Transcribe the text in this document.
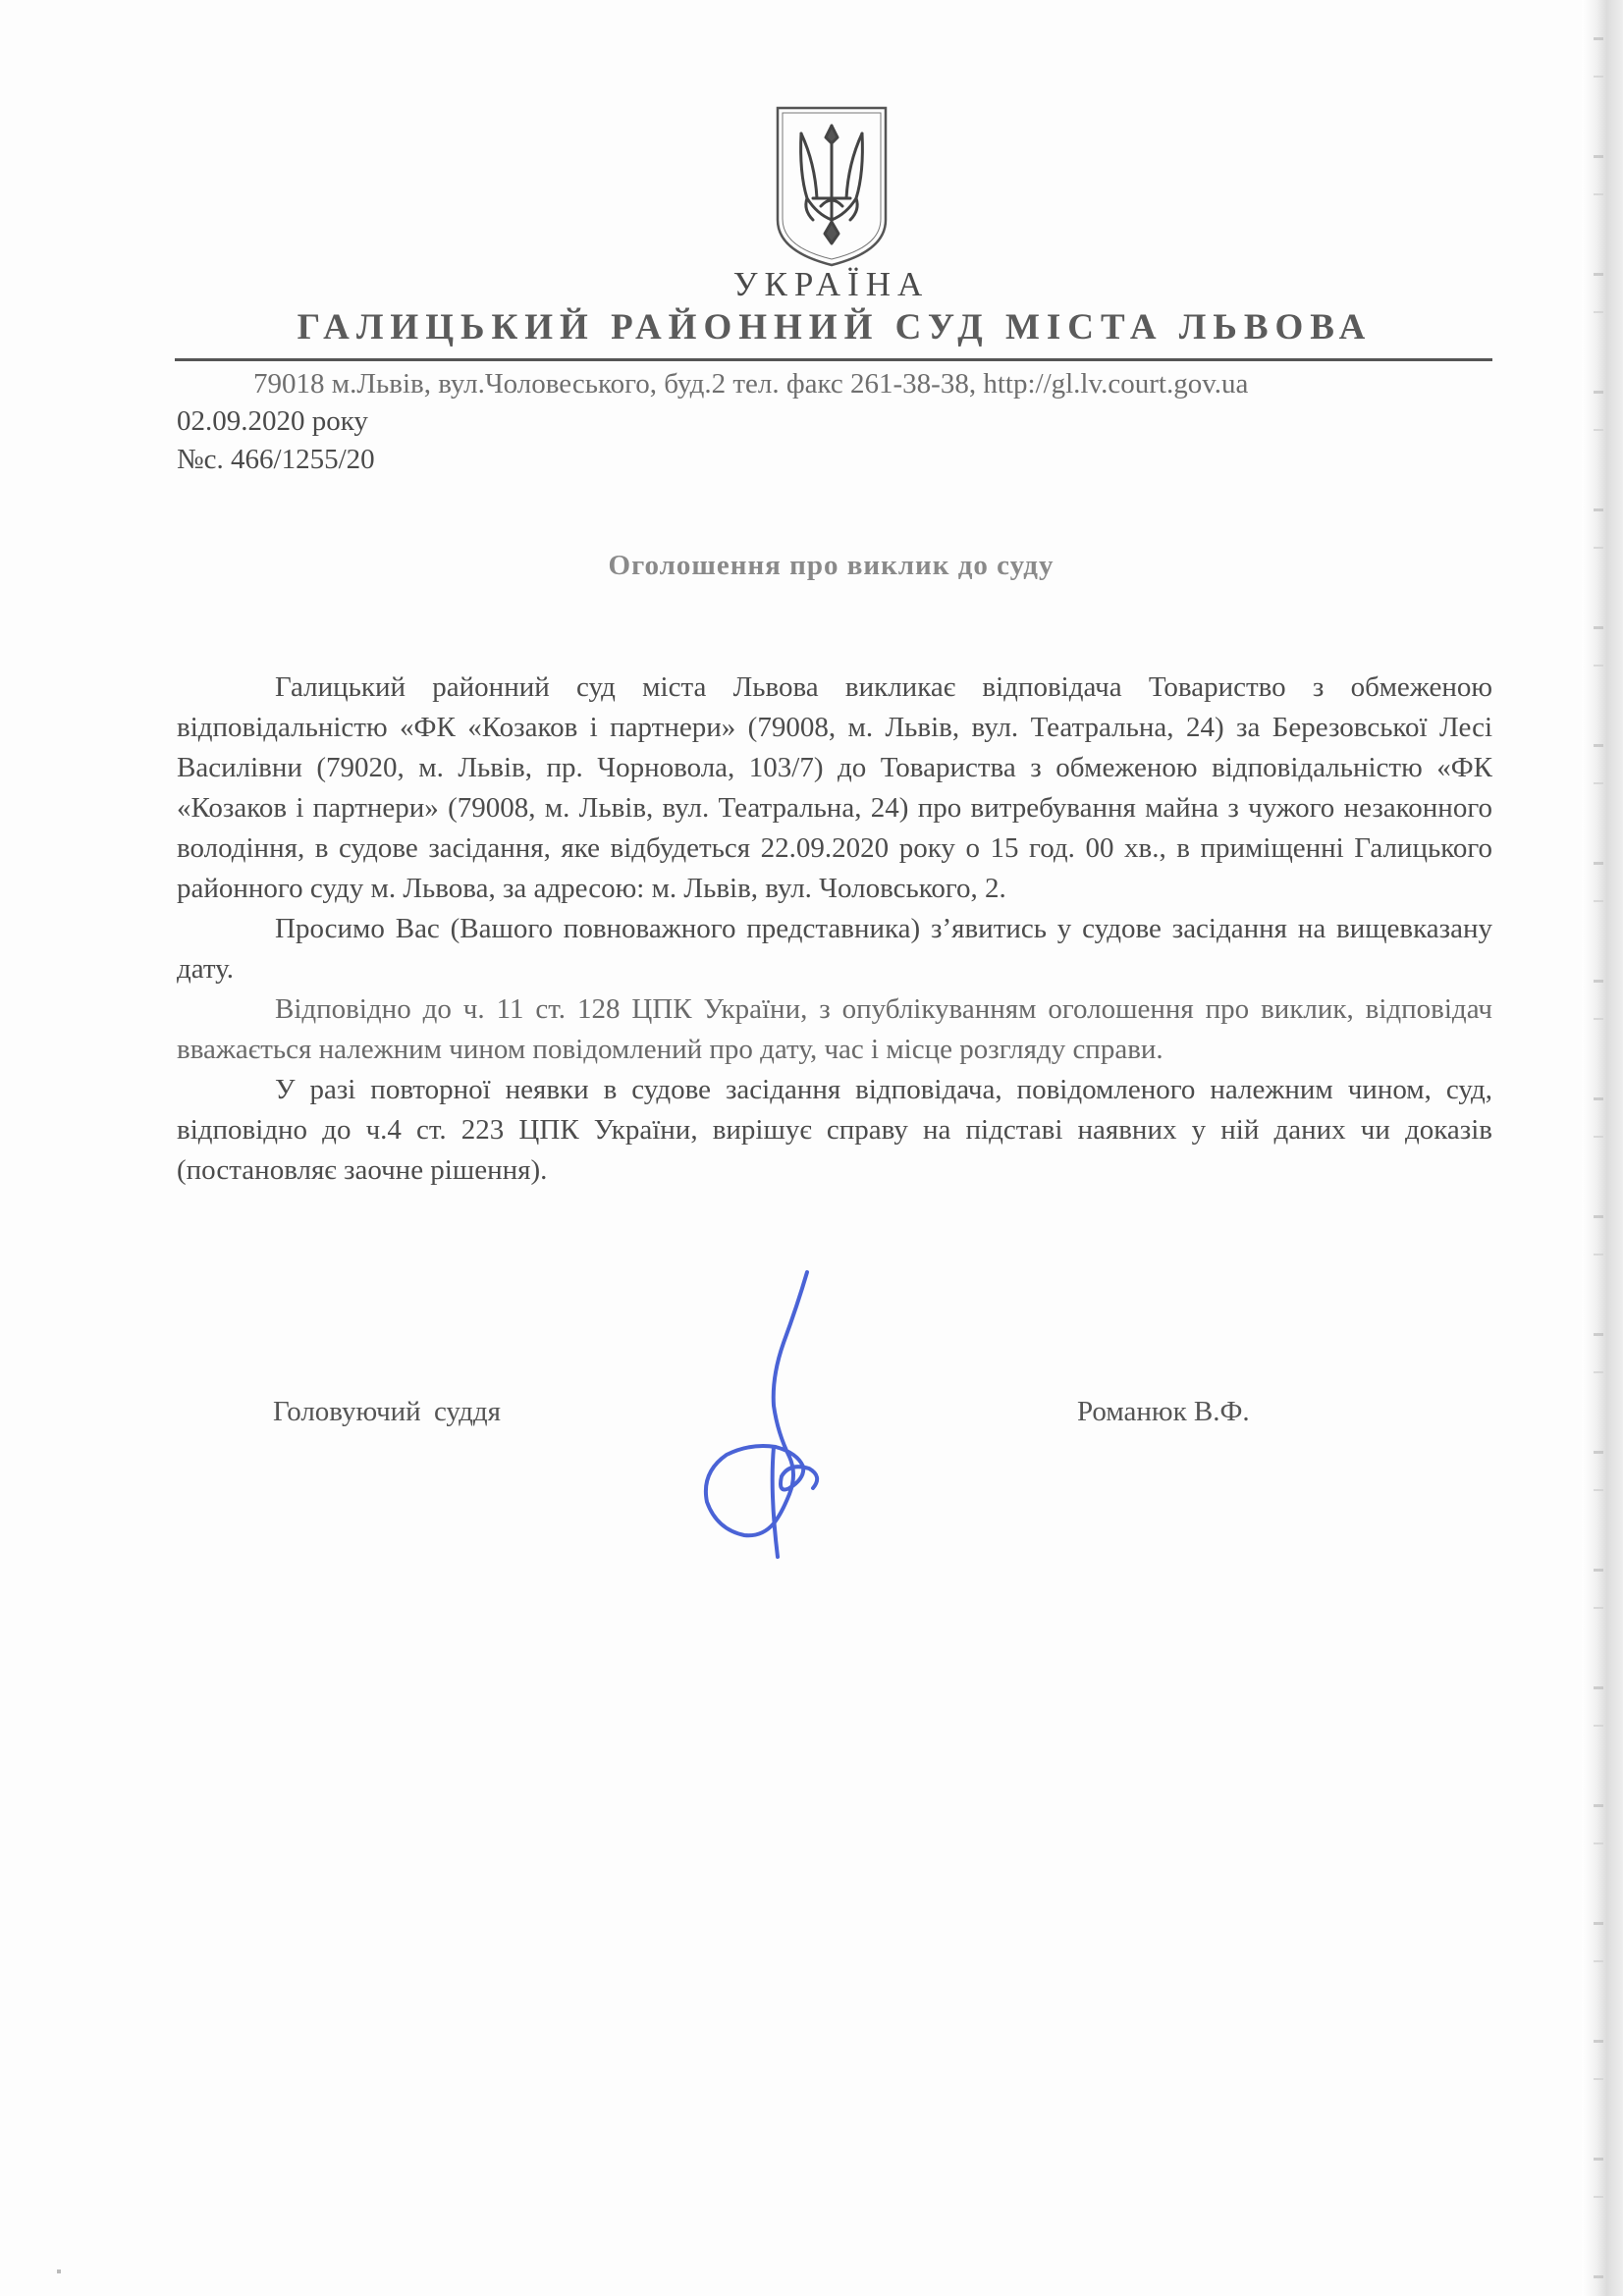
УКРАЇНА
ГАЛИЦЬКИЙ РАЙОННИЙ СУД МІСТА ЛЬВОВА
79018 м.Львів, вул.Чоловеського, буд.2 тел. факс 261-38-38, http://gl.lv.court.gov.ua
02.09.2020 року
№с. 466/1255/20
Оголошення про виклик до суду

Галицький районний суд міста Львова викликає відповідача Товариство з обмеженою відповідальністю «ФК «Козаков і партнери» (79008, м. Львів, вул. Театральна, 24) за Березовської Лесі Василівни (79020, м. Львів, пр. Чорновола, 103/7) до Товариства з обмеженою відповідальністю «ФК «Козаков і партнери» (79008, м. Львів, вул. Театральна, 24) про витребування майна з чужого незаконного володіння, в судове засідання, яке відбудеться 22.09.2020 року о 15 год. 00 хв., в приміщенні Галицького районного суду м. Львова, за адресою: м. Львів, вул. Чоловського, 2.

Просимо Вас (Вашого повноважного представника) з’явитись у судове засідання на вищевказану дату.

Відповідно до ч. 11 ст. 128 ЦПК України, з опублікуванням оголошення про виклик, відповідач вважається належним чином повідомлений про дату, час і місце розгляду справи.

У разі повторної неявки в судове засідання відповідача, повідомленого належним чином, суд, відповідно до ч.4 ст. 223 ЦПК України, вирішує справу на підставі наявних у ній даних чи доказів (постановляє заочне рішення).

Головуючий суддя	Романюк В.Ф.
